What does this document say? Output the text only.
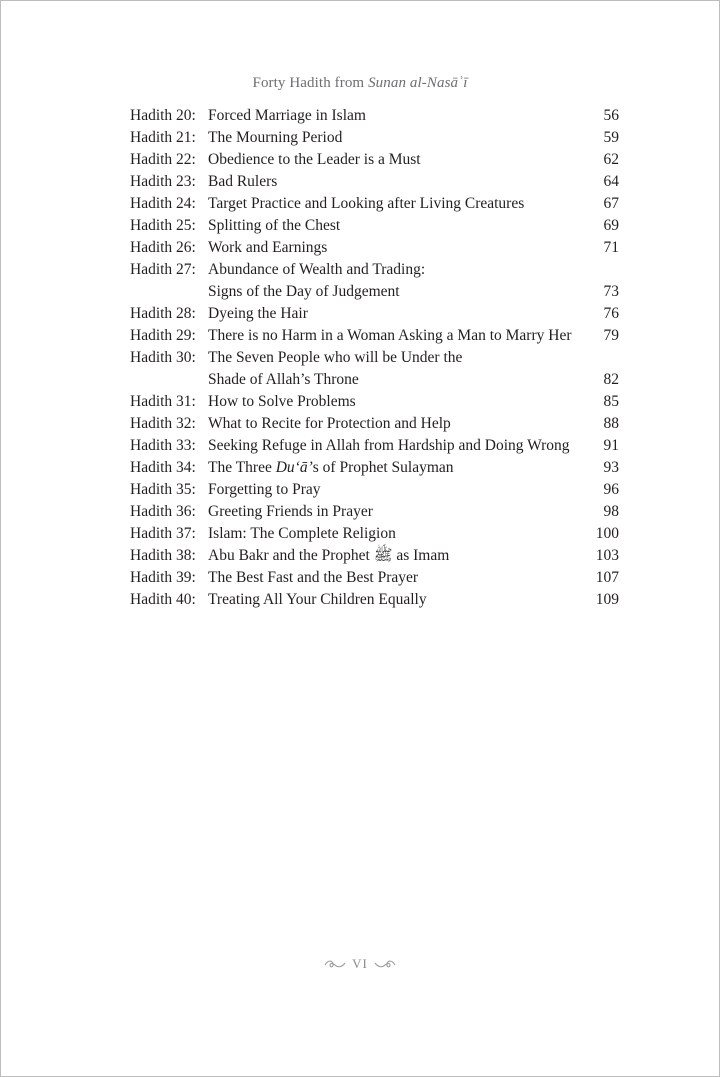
Forty Hadith from Sunan al-Nasāʾī
Hadith 20: Forced Marriage in Islam	56
Hadith 21: The Mourning Period	59
Hadith 22: Obedience to the Leader is a Must	62
Hadith 23: Bad Rulers	64
Hadith 24: Target Practice and Looking after Living Creatures	67
Hadith 25: Splitting of the Chest	69
Hadith 26: Work and Earnings	71
Hadith 27: Abundance of Wealth and Trading:
Signs of the Day of Judgement	73
Hadith 28: Dyeing the Hair	76
Hadith 29: There is no Harm in a Woman Asking a Man to Marry Her 79
Hadith 30: The Seven People who will be Under the
Shade of Allah’s Throne	82
Hadith 31: How to Solve Problems	85
Hadith 32: What to Recite for Protection and Help	88
Hadith 33: Seeking Refuge in Allah from Hardship and Doing Wrong 91
Hadith 34: The Three Du‘ā’s of Prophet Sulayman	93
Hadith 35: Forgetting to Pray	96
Hadith 36: Greeting Friends in Prayer	98
Hadith 37: Islam: The Complete Religion	100
Hadith 38: Abu Bakr and the Prophet ﷺ as Imam	103
Hadith 39: The Best Fast and the Best Prayer	107
Hadith 40: Treating All Your Children Equally	109
VI
